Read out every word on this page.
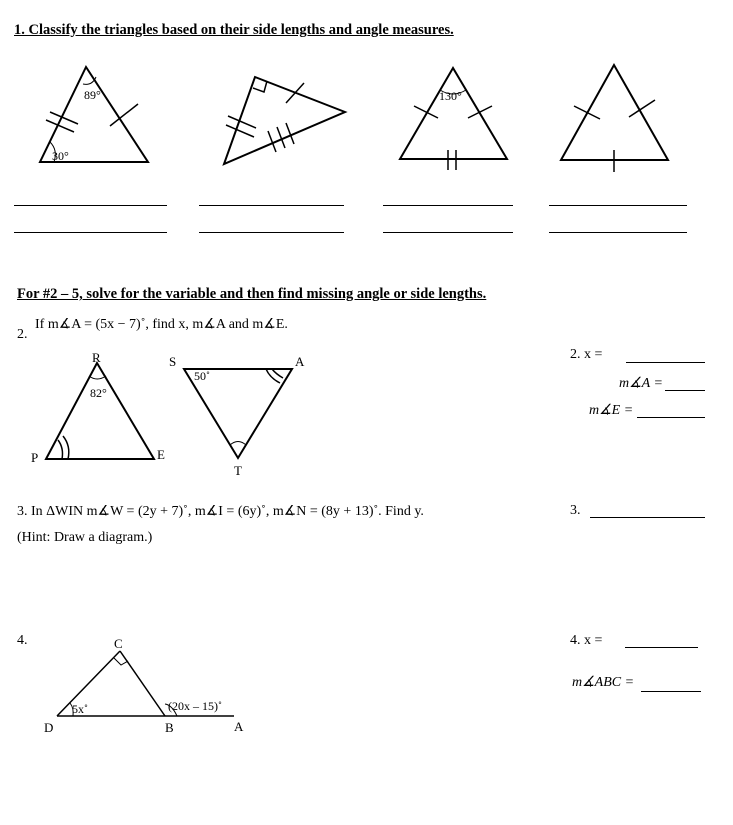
1. Classify the triangles based on their side lengths and angle measures.
89°
30°
130°
For #2 – 5, solve for the variable and then find missing angle or side lengths.
2.
If m∡A = (5x − 7)˚, find x, m∡A and m∡E.
R
P	E
82°
S	A
T
50˚
2. x =
m∡A =
m∡E =
3. In ΔWIN m∡W = (2y + 7)˚, m∡I = (6y)˚, m∡N = (8y + 13)˚. Find y.
(Hint: Draw a diagram.)
3.
4.	C
D	B	A
5x˚	(20x – 15)˚
4. x =
m∡ABC =
